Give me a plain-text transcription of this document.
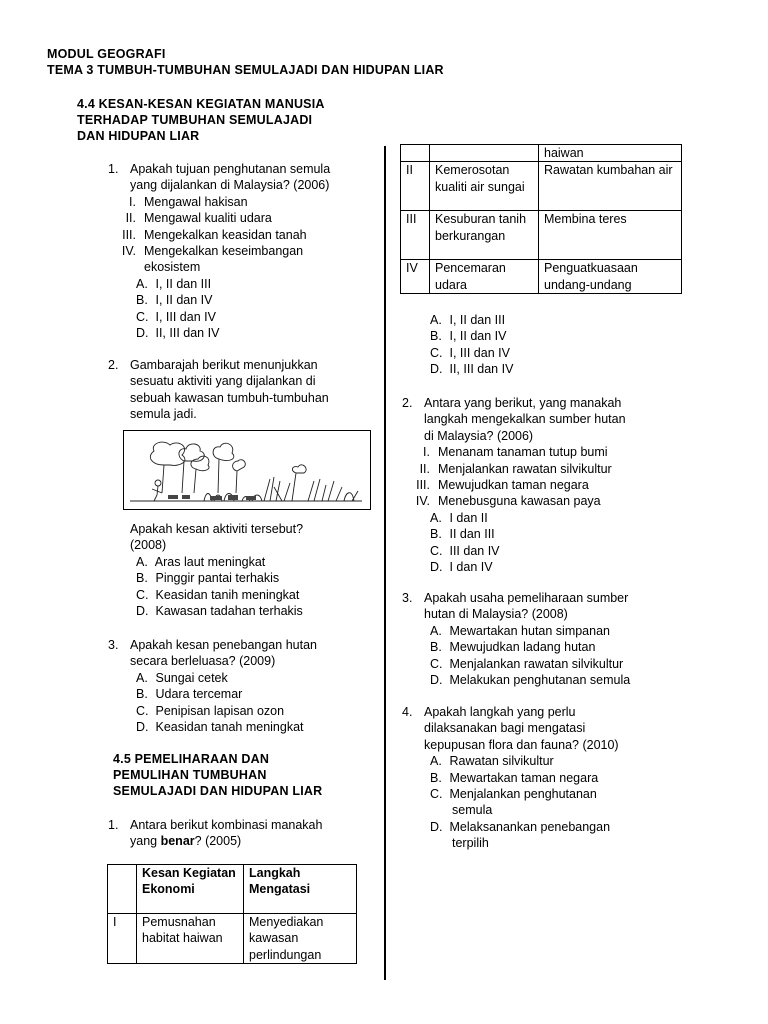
MODUL GEOGRAFI
TEMA 3 TUMBUH-TUMBUHAN SEMULAJADI DAN HIDUPAN LIAR
4.4 KESAN-KESAN KEGIATAN MANUSIA
TERHADAP TUMBUHAN SEMULAJADI
DAN HIDUPAN LIAR
1. Apakah tujuan penghutanan semula
yang dijalankan di Malaysia? (2006)
I. Mengawal hakisan
II. Mengawal kualiti udara
III. Mengekalkan keasidan tanah
IV. Mengekalkan keseimbangan
ekosistem
A. I, II dan III
B. I, II dan IV
C. I, III dan IV
D. II, III dan IV
2. Gambarajah berikut menunjukkan
sesuatu aktiviti yang dijalankan di
sebuah kawasan tumbuh-tumbuhan
semula jadi.
Apakah kesan aktiviti tersebut?
(2008)
A. Aras laut meningkat
B. Pinggir pantai terhakis
C. Keasidan tanih meningkat
D. Kawasan tadahan terhakis
3. Apakah kesan penebangan hutan
secara berleluasa? (2009)
A. Sungai cetek
B. Udara tercemar
C. Penipisan lapisan ozon
D. Keasidan tanah meningkat
4.5 PEMELIHARAAN DAN
PEMULIHAN TUMBUHAN
SEMULAJADI DAN HIDUPAN LIAR
1. Antara berikut kombinasi manakah
yang benar? (2005)
	Kesan Kegiatan Ekonomi	Langkah Mengatasi
I	Pemusnahan habitat haiwan	Menyediakan kawasan perlindungan
		haiwan
II	Kemerosotan kualiti air sungai	Rawatan kumbahan air
III	Kesuburan tanih berkurangan	Membina teres
IV	Pencemaran udara	Penguatkuasaan undang-undang
A. I, II dan III
B. I, II dan IV
C. I, III dan IV
D. II, III dan IV
2. Antara yang berikut, yang manakah
langkah mengekalkan sumber hutan
di Malaysia? (2006)
I. Menanam tanaman tutup bumi
II. Menjalankan rawatan silvikultur
III. Mewujudkan taman negara
IV. Menebusguna kawasan paya
A. I dan II
B. II dan III
C. III dan IV
D. I dan IV
3. Apakah usaha pemeliharaan sumber
hutan di Malaysia? (2008)
A. Mewartakan hutan simpanan
B. Mewujudkan ladang hutan
C. Menjalankan rawatan silvikultur
D. Melakukan penghutanan semula
4. Apakah langkah yang perlu
dilaksanakan bagi mengatasi
kepupusan flora dan fauna? (2010)
A. Rawatan silvikultur
B. Mewartakan taman negara
C. Menjalankan penghutanan
semula
D. Melaksanankan penebangan
terpilih
